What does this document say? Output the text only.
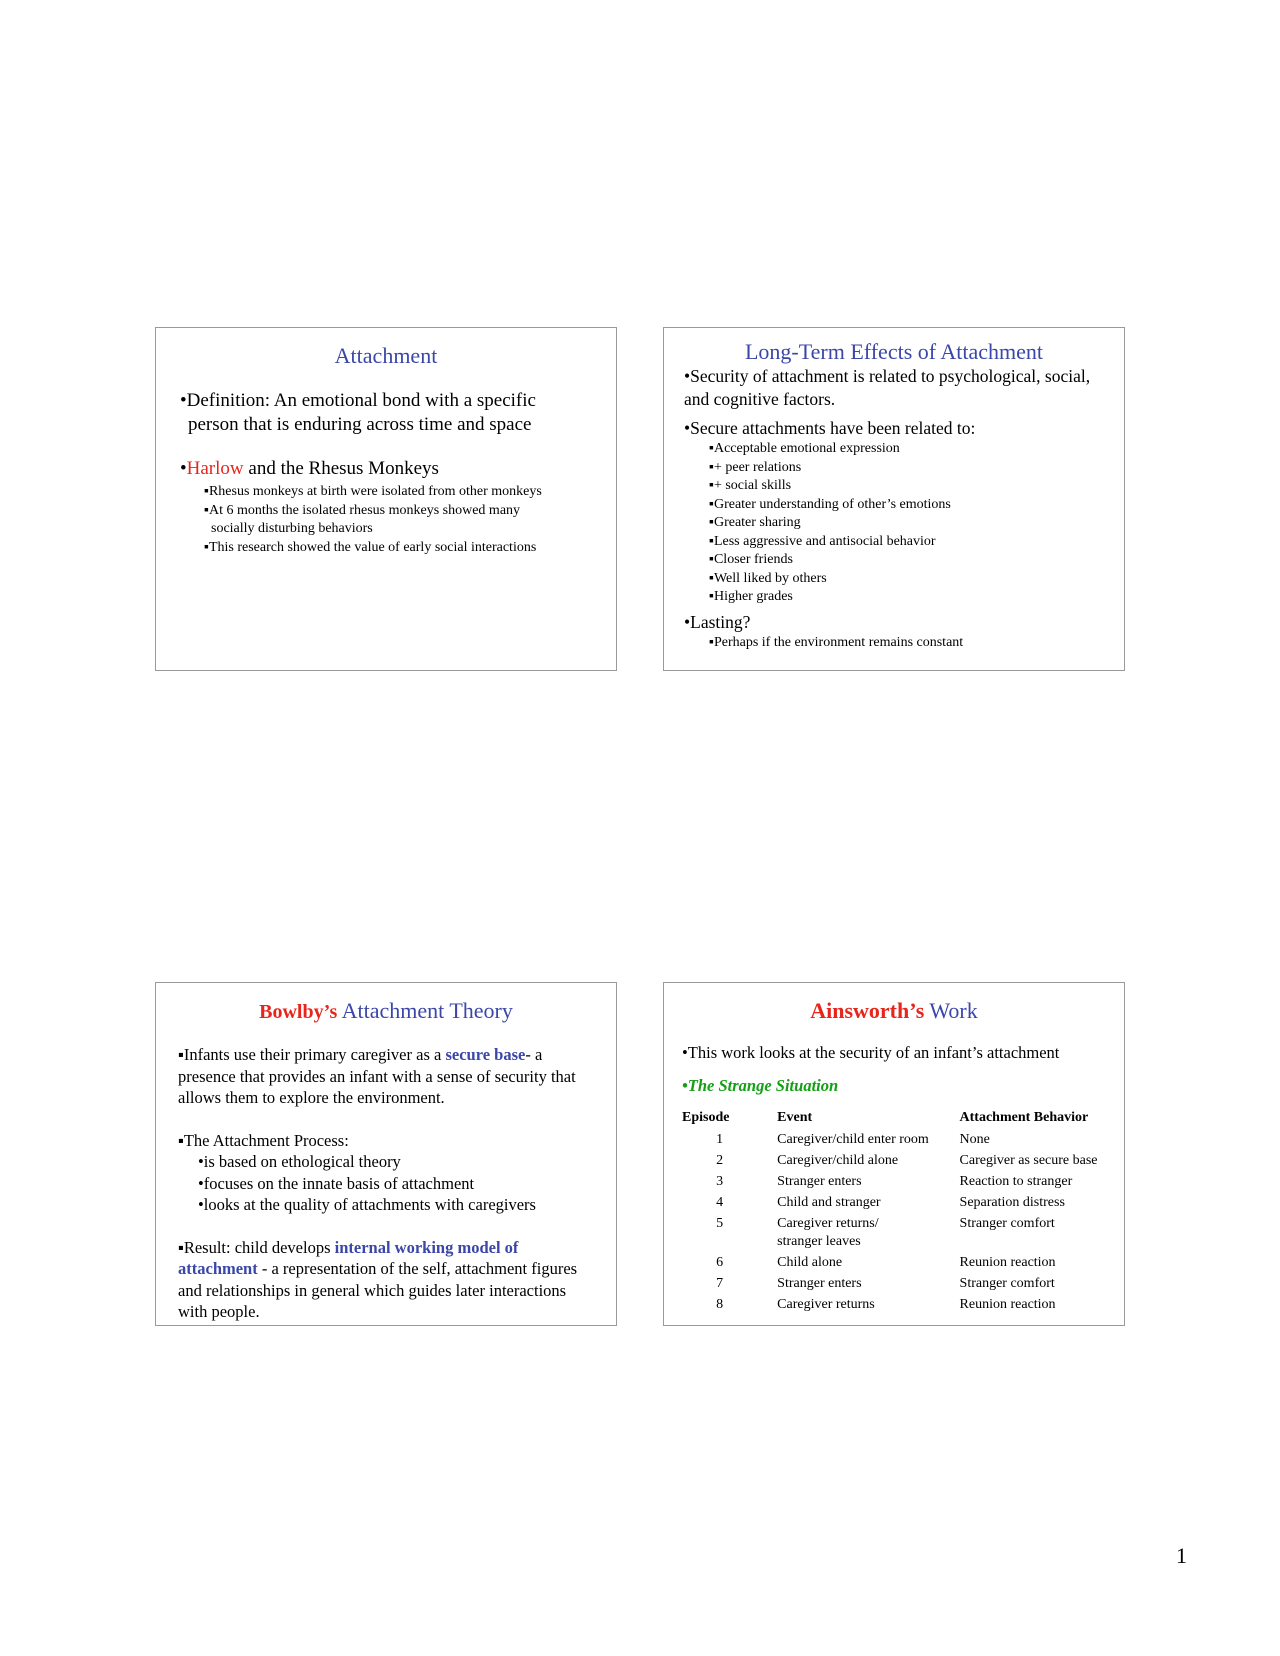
Attachment
•Definition: An emotional bond with a specific
person that is enduring across time and space
•Harlow and the Rhesus Monkeys
▪Rhesus monkeys at birth were isolated from other monkeys
▪At 6 months the isolated rhesus monkeys showed many
socially disturbing behaviors
▪This research showed the value of early social interactions
Long-Term Effects of Attachment
•Security of attachment is related to psychological, social, and cognitive factors.
•Secure attachments have been related to:
▪Acceptable emotional expression
▪+ peer relations
▪+ social skills
▪Greater understanding of other’s emotions
▪Greater sharing
▪Less aggressive and antisocial behavior
▪Closer friends
▪Well liked by others
▪Higher grades
•Lasting?
▪Perhaps if the environment remains constant
Bowlby’s Attachment Theory
▪Infants use their primary caregiver as a secure base- a presence that provides an infant with a sense of security that allows them to explore the environment.
▪The Attachment Process:
•is based on ethological theory
•focuses on the innate basis of attachment
•looks at the quality of attachments with caregivers
▪Result: child develops internal working model of attachment - a representation of the self, attachment figures and relationships in general which guides later interactions with people.
Ainsworth’s Work
•This work looks at the security of an infant’s attachment
•The Strange Situation
Episode	Event	Attachment Behavior
1	Caregiver/child enter room	None
2	Caregiver/child alone	Caregiver as secure base
3	Stranger enters	Reaction to stranger
4	Child and stranger	Separation distress
5	Caregiver returns/
stranger leaves	Stranger comfort
6	Child alone	Reunion reaction
7	Stranger enters	Stranger comfort
8	Caregiver returns	Reunion reaction
1
